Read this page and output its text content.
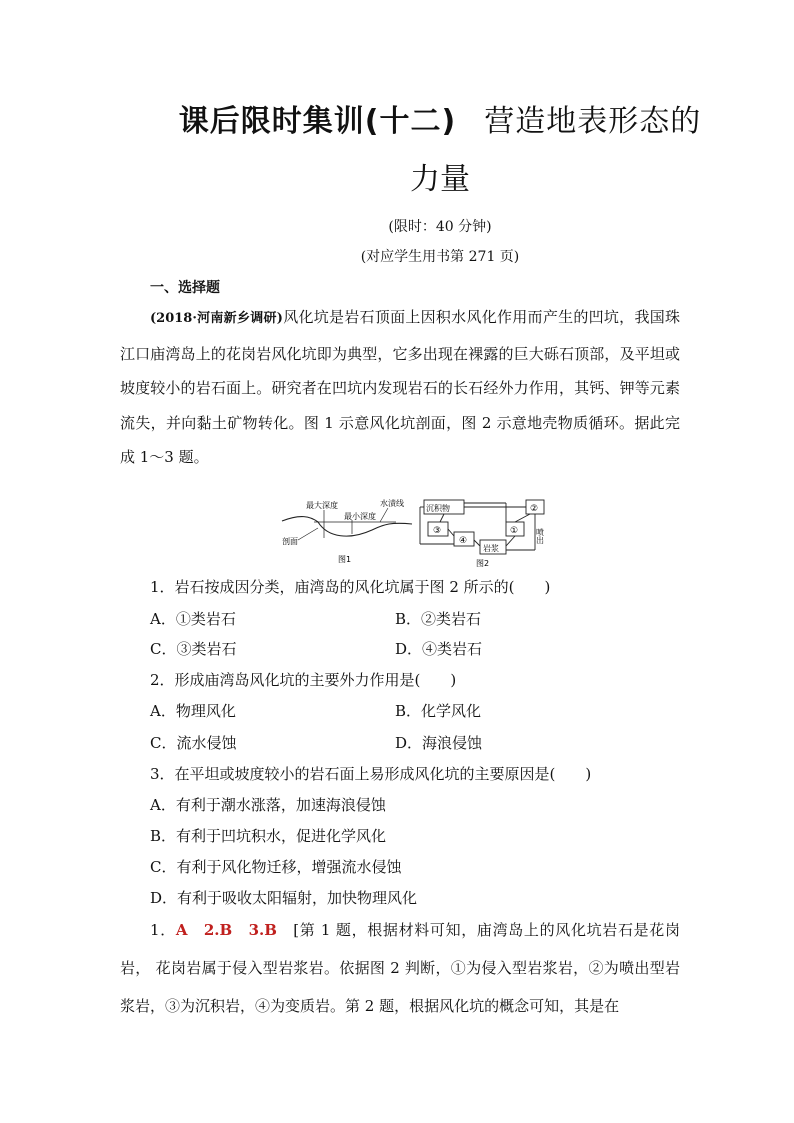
课后限时集训(十二) 营造地表形态的
力量
(限时：40 分钟)
(对应学生用书第 271 页)
一、选择题
(2018·河南新乡调研)风化坑是岩石顶面上因积水风化作用而产生的凹坑，我国珠江口庙湾岛上的花岗岩风化坑即为典型，它多出现在裸露的巨大砾石顶部，及平坦或坡度较小的岩石面上。研究者在凹坑内发现岩石的长石经外力作用，其钙、钾等元素流失，并向黏土矿物转化。图 1 示意风化坑剖面，图 2 示意地壳物质循环。据此完成 1～3 题。
最大深度
最小深度
水渍线
剖面
图1
沉积物
③
④
②
①
岩浆
喷出
图2
1．岩石按成因分类，庙湾岛的风化坑属于图 2 所示的(　　)
A．①类岩石	B．②类岩石
C．③类岩石	D．④类岩石
2．形成庙湾岛风化坑的主要外力作用是(　　)
A．物理风化	B．化学风化
C．流水侵蚀	D．海浪侵蚀
3．在平坦或坡度较小的岩石面上易形成风化坑的主要原因是(　　)
A．有利于潮水涨落，加速海浪侵蚀
B．有利于凹坑积水，促进化学风化
C．有利于风化物迁移，增强流水侵蚀
D．有利于吸收太阳辐射，加快物理风化
1．A　 2.B　 3.B　 [第 1 题，根据材料可知，庙湾岛上的风化坑岩石是花岗岩， 花岗岩属于侵入型岩浆岩。依据图 2 判断，①为侵入型岩浆岩，②为喷出型岩浆岩，③为沉积岩，④为变质岩。第 2 题，根据风化坑的概念可知，其是在
